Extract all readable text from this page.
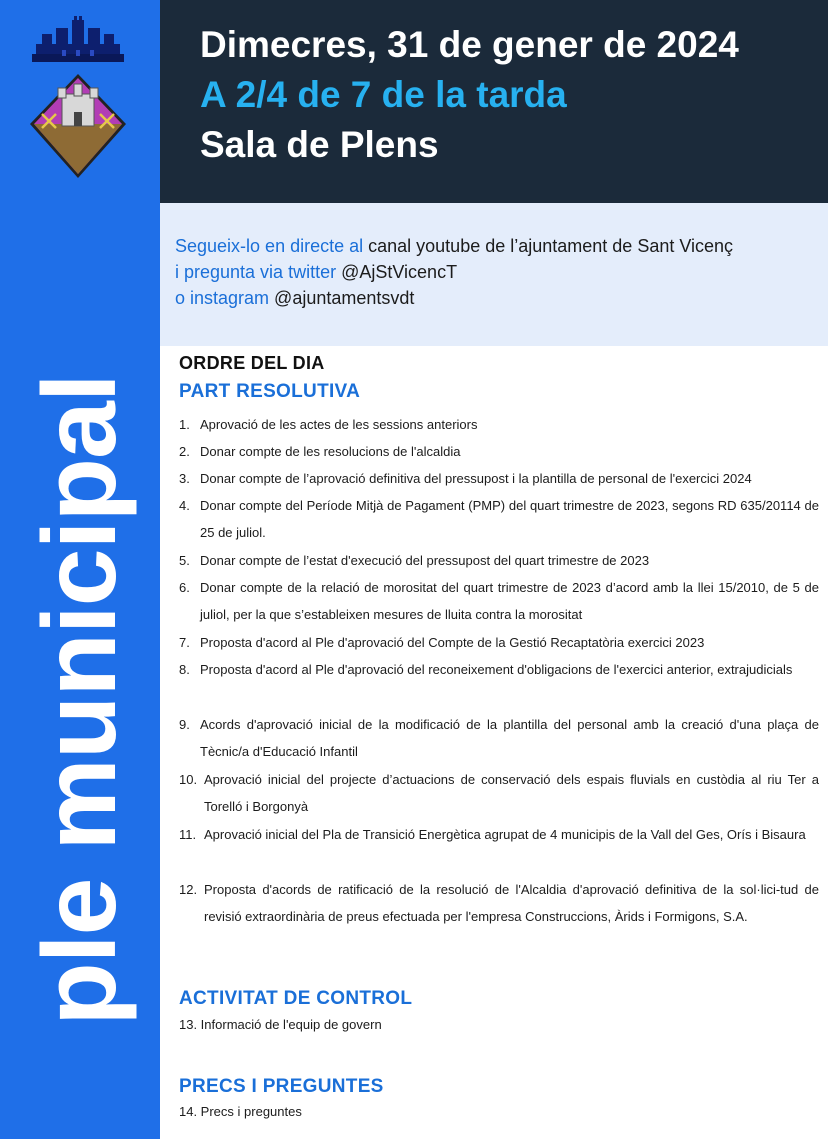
ple municipal
Dimecres, 31 de gener de 2024
A 2/4 de 7 de la tarda
Sala de Plens
Segueix-lo en directe al canal youtube de l’ajuntament de Sant Vicenç
i pregunta via twitter @AjStVicencT
o instagram @ajuntamentsvdt
ORDRE DEL DIA
PART RESOLUTIVA
1. Aprovació de les actes de les sessions anteriors
2. Donar compte de les resolucions de l'alcaldia
3. Donar compte de l’aprovació definitiva del pressupost i la plantilla de personal de l'exercici 2024
4. Donar compte del Període Mitjà de Pagament (PMP) del quart trimestre de 2023, segons RD 635/20114 de 25 de juliol.
5. Donar compte de l’estat d'execució del pressupost del quart trimestre de 2023
6. Donar compte de la relació de morositat del quart trimestre de 2023 d’acord amb la llei 15/2010, de 5 de juliol, per la que s’estableixen mesures de lluita contra la morositat
7. Proposta d'acord al Ple d'aprovació del Compte de la Gestió Recaptatòria exercici 2023
8. Proposta d'acord al Ple d'aprovació del reconeixement d'obligacions de l'exercici anterior, extrajudicials
9. Acords d'aprovació inicial de la modificació de la plantilla del personal amb la creació d'una plaça de Tècnic/a d'Educació Infantil
10. Aprovació inicial del projecte d’actuacions de conservació dels espais fluvials en custòdia al riu Ter a Torelló i Borgonyà
11. Aprovació inicial del Pla de Transició Energètica agrupat de 4 municipis de la Vall del Ges, Orís i Bisaura
12. Proposta d'acords de ratificació de la resolució de l'Alcaldia d'aprovació definitiva de la sol·lici-tud de revisió extraordinària de preus efectuada per l'empresa Construccions, Àrids i Formigons, S.A.
ACTIVITAT DE CONTROL
13. Informació de l'equip de govern
PRECS I PREGUNTES
14. Precs i preguntes
